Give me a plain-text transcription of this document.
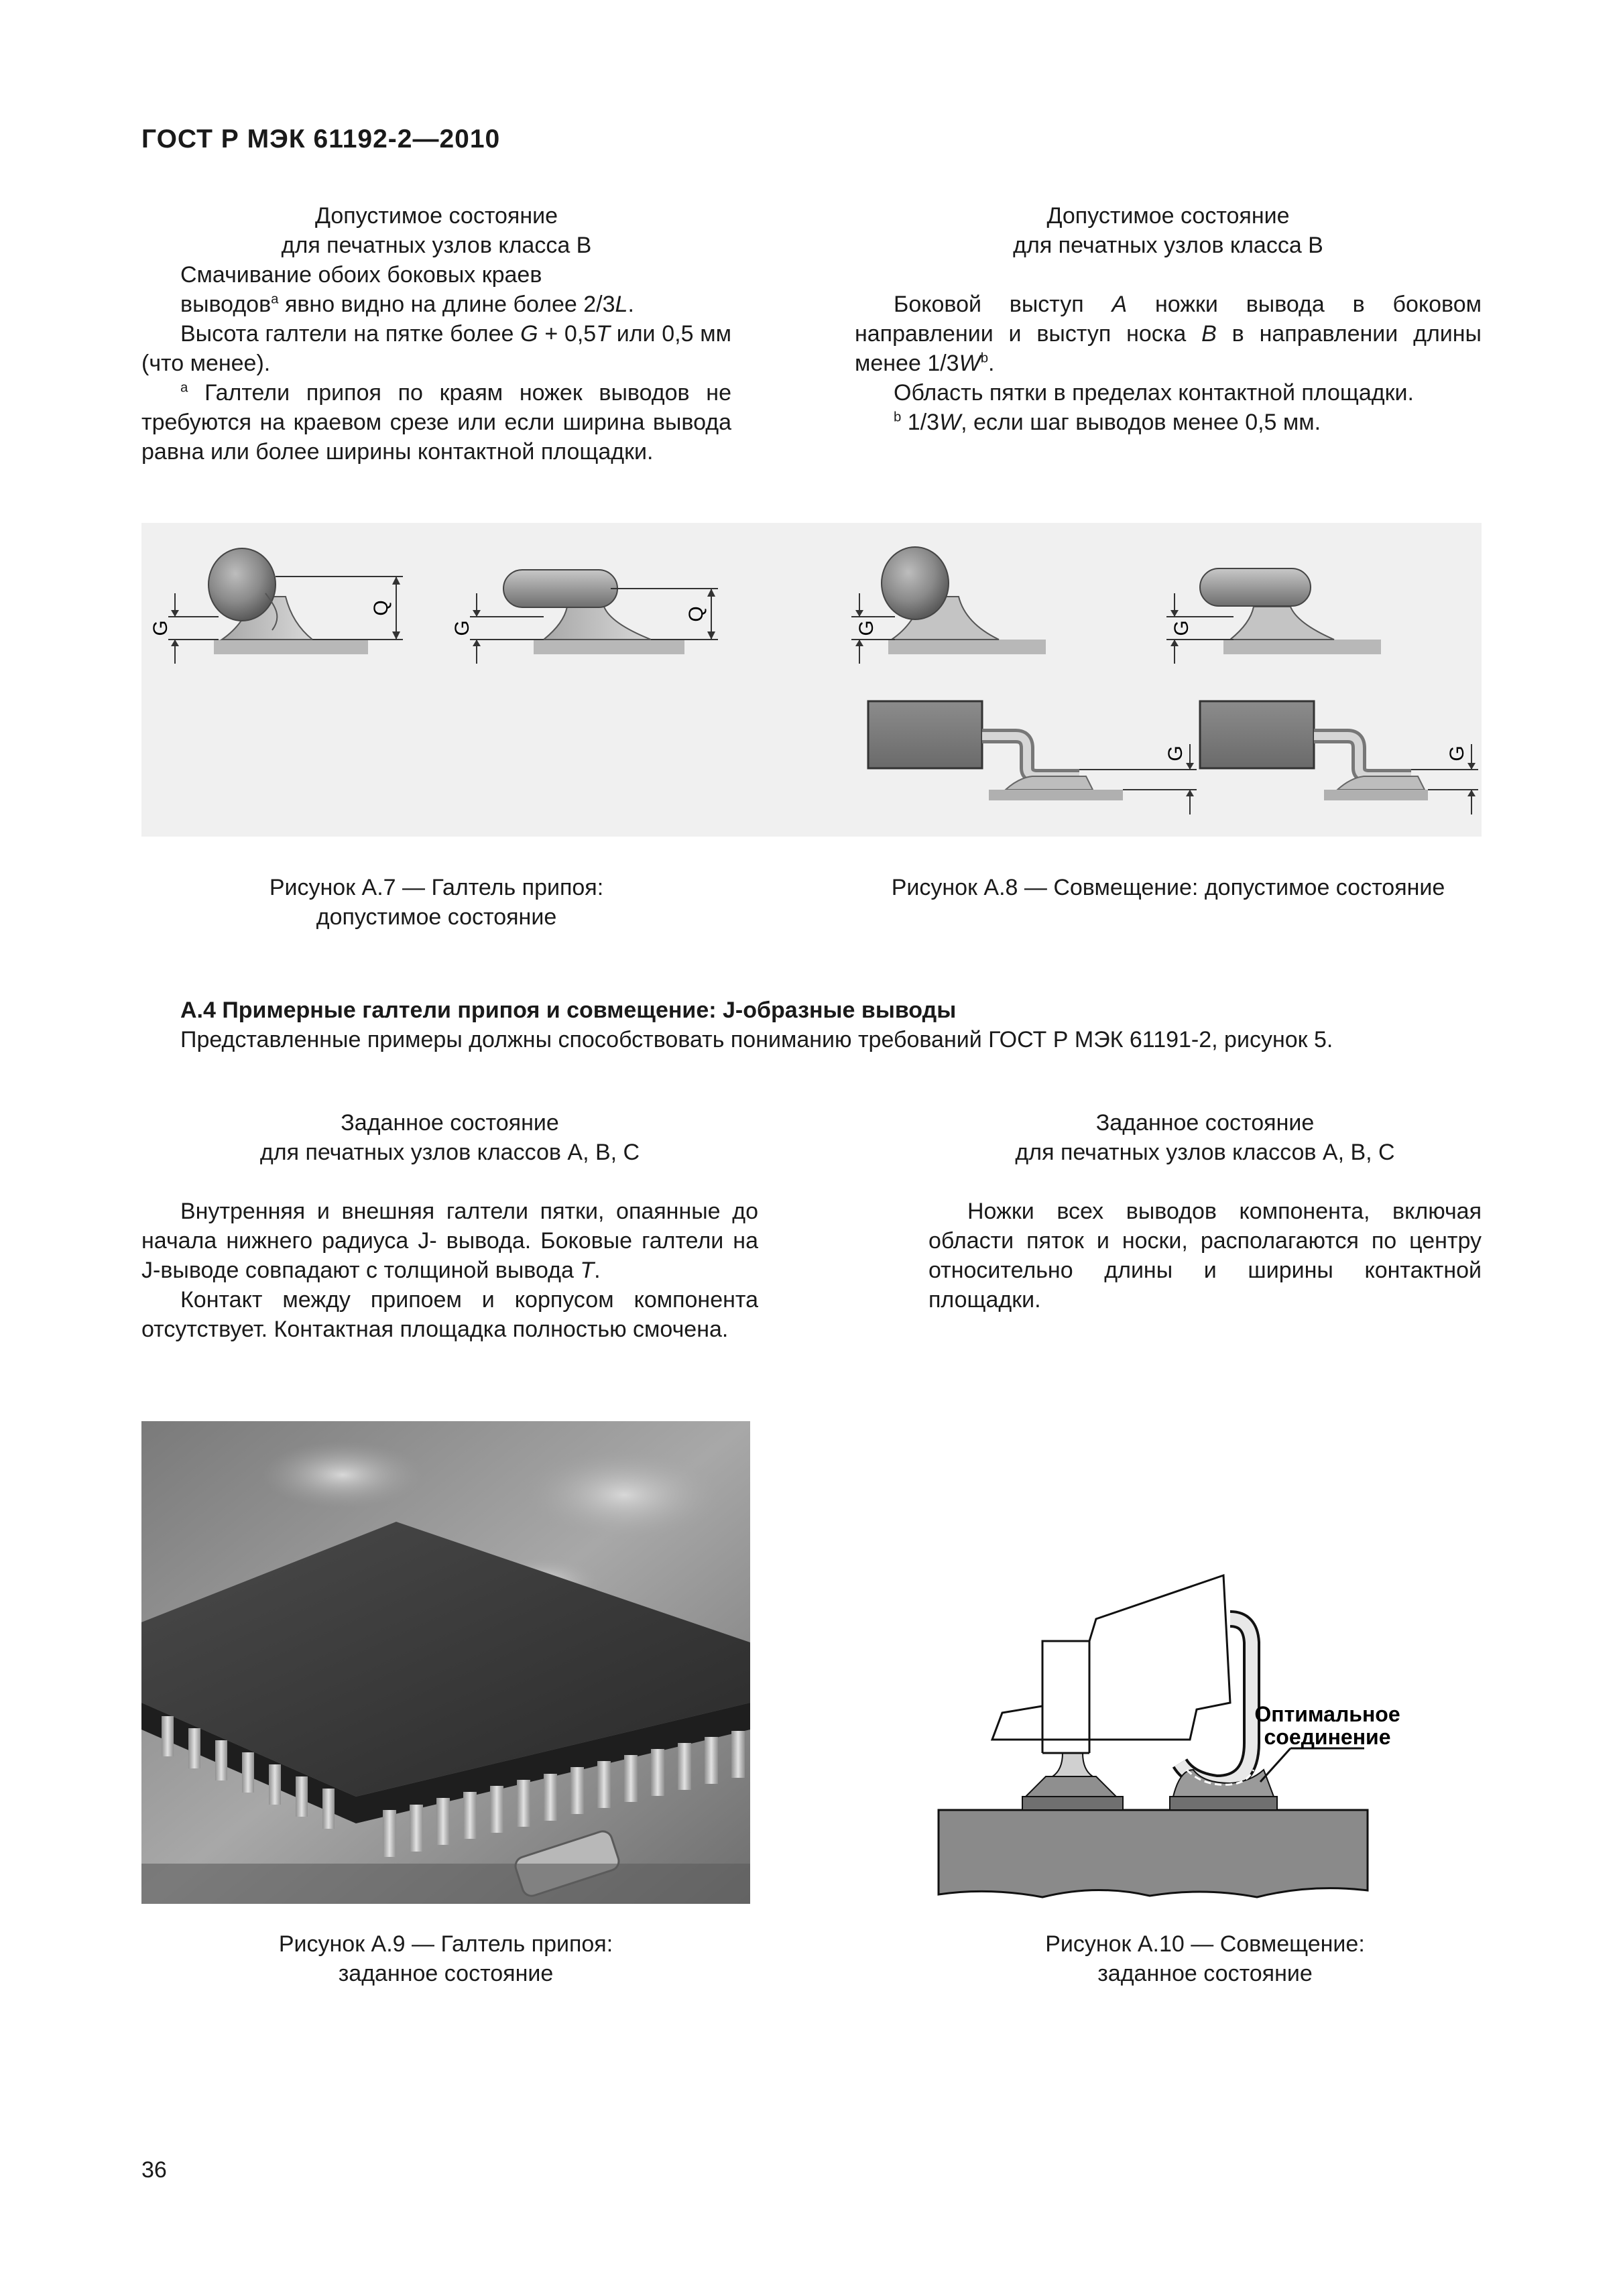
ГОСТ Р МЭК 61192-2—2010

Допустимое состояние

для печатных узлов класса В

Смачивание обоих боковых краев

выводов$^a$ явно видно на длине более 2/3L.

Высота галтели на пятке более G + 0,5T или 0,5 мм (что менее).

$^a$ Галтели припоя по краям ножек выводов не требуются на краевом срезе или если ширина вывода равна или более ширины контактной площадки.

Допустимое состояние

для печатных узлов класса В

Боковой выступ A ножки вывода в боковом направлении и выступ носка B в направлении длины менее $1/3W^b$.

Область пятки в пределах контактной площадки.

$^b$ 1/3W, если шаг выводов менее 0,5 мм.

G
Q
G
Q
G	G
G	G

Рисунок А.7 — Галтель припоя:

допустимое состояние

Рисунок А.8 — Совмещение: допустимое состояние

А.4 Примерные галтели припоя и совмещение: J-образные выводы

Представленные примеры должны способствовать пониманию требований ГОСТ Р МЭК 61191-2, рисунок 5.

Заданное состояние

для печатных узлов классов А, В, С

Внутренняя и внешняя галтели пятки, опаянные до начала нижнего радиуса J- вывода. Боковые галтели на J-выводе совпадают с толщиной вывода T.

Контакт между припоем и корпусом компонента отсутствует. Контактная площадка полностью смочена.

Заданное состояние

для печатных узлов классов А, В, С

Ножки всех выводов компонента, включая области пяток и носки, располагаются по центру относительно длины и ширины контактной площадки.

Оптимальное
соединение

Рисунок А.9 — Галтель припоя:

заданное состояние

Рисунок А.10 — Совмещение:

заданное состояние

36
